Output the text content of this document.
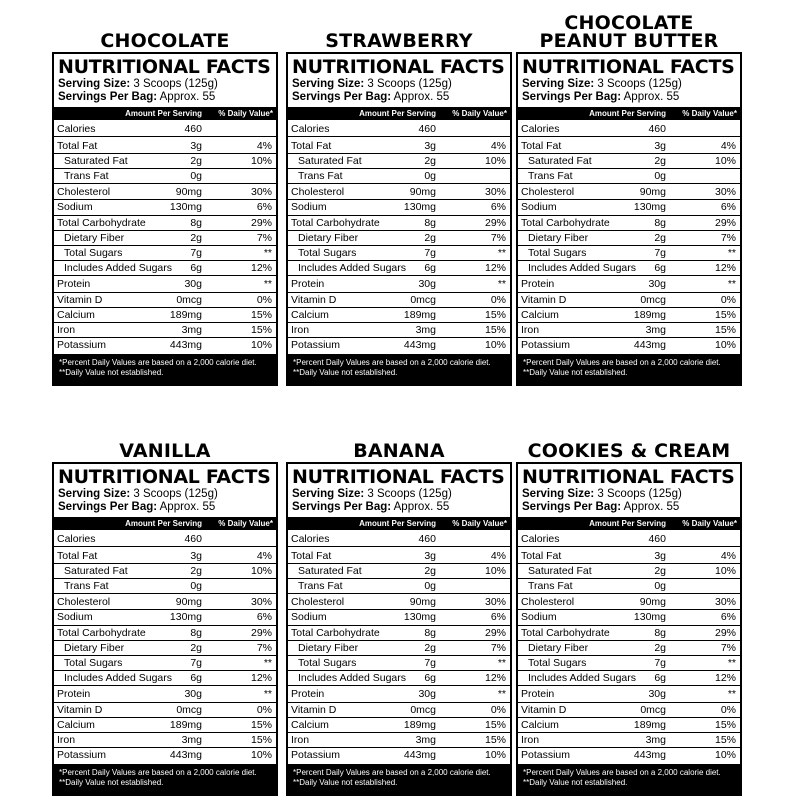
CHOCOLATE
NUTRITIONAL FACTS
Serving Size: 3 Scoops (125g)
Servings Per Bag: Approx. 55
Amount Per Serving % Daily Value*
Calories	460
Total Fat	3g	4%
Saturated Fat	2g	10%
Trans Fat	0g
Cholesterol	90mg	30%
Sodium	130mg	6%
Total Carbohydrate	8g	29%
Dietary Fiber	2g	7%
Total Sugars	7g	**
Includes Added Sugars 6g	12%
Protein	30g	**
Vitamin D	0mcg	0%
Calcium	189mg	15%
Iron	3mg	15%
Potassium	443mg	10%
*Percent Daily Values are based on a 2,000 calorie diet.
**Daily Value not established.
STRAWBERRY
NUTRITIONAL FACTS
Serving Size: 3 Scoops (125g)
Servings Per Bag: Approx. 55
Amount Per Serving % Daily Value*
Calories	460
Total Fat	3g	4%
Saturated Fat	2g	10%
Trans Fat	0g
Cholesterol	90mg	30%
Sodium	130mg	6%
Total Carbohydrate	8g	29%
Dietary Fiber	2g	7%
Total Sugars	7g	**
Includes Added Sugars 6g	12%
Protein	30g	**
Vitamin D	0mcg	0%
Calcium	189mg	15%
Iron	3mg	15%
Potassium	443mg	10%
*Percent Daily Values are based on a 2,000 calorie diet.
**Daily Value not established.
CHOCOLATE
PEANUT BUTTER
NUTRITIONAL FACTS
Serving Size: 3 Scoops (125g)
Servings Per Bag: Approx. 55
Amount Per Serving % Daily Value*
Calories	460
Total Fat	3g	4%
Saturated Fat	2g	10%
Trans Fat	0g
Cholesterol	90mg	30%
Sodium	130mg	6%
Total Carbohydrate	8g	29%
Dietary Fiber	2g	7%
Total Sugars	7g	**
Includes Added Sugars 6g	12%
Protein	30g	**
Vitamin D	0mcg	0%
Calcium	189mg	15%
Iron	3mg	15%
Potassium	443mg	10%
*Percent Daily Values are based on a 2,000 calorie diet.
**Daily Value not established.
VANILLA
NUTRITIONAL FACTS
Serving Size: 3 Scoops (125g)
Servings Per Bag: Approx. 55
Amount Per Serving % Daily Value*
Calories	460
Total Fat	3g	4%
Saturated Fat	2g	10%
Trans Fat	0g
Cholesterol	90mg	30%
Sodium	130mg	6%
Total Carbohydrate	8g	29%
Dietary Fiber	2g	7%
Total Sugars	7g	**
Includes Added Sugars 6g	12%
Protein	30g	**
Vitamin D	0mcg	0%
Calcium	189mg	15%
Iron	3mg	15%
Potassium	443mg	10%
*Percent Daily Values are based on a 2,000 calorie diet.
**Daily Value not established.
BANANA
NUTRITIONAL FACTS
Serving Size: 3 Scoops (125g)
Servings Per Bag: Approx. 55
Amount Per Serving % Daily Value*
Calories	460
Total Fat	3g	4%
Saturated Fat	2g	10%
Trans Fat	0g
Cholesterol	90mg	30%
Sodium	130mg	6%
Total Carbohydrate	8g	29%
Dietary Fiber	2g	7%
Total Sugars	7g	**
Includes Added Sugars 6g	12%
Protein	30g	**
Vitamin D	0mcg	0%
Calcium	189mg	15%
Iron	3mg	15%
Potassium	443mg	10%
*Percent Daily Values are based on a 2,000 calorie diet.
**Daily Value not established.
COOKIES & CREAM
NUTRITIONAL FACTS
Serving Size: 3 Scoops (125g)
Servings Per Bag: Approx. 55
Amount Per Serving % Daily Value*
Calories	460
Total Fat	3g	4%
Saturated Fat	2g	10%
Trans Fat	0g
Cholesterol	90mg	30%
Sodium	130mg	6%
Total Carbohydrate	8g	29%
Dietary Fiber	2g	7%
Total Sugars	7g	**
Includes Added Sugars 6g	12%
Protein	30g	**
Vitamin D	0mcg	0%
Calcium	189mg	15%
Iron	3mg	15%
Potassium	443mg	10%
*Percent Daily Values are based on a 2,000 calorie diet.
**Daily Value not established.
